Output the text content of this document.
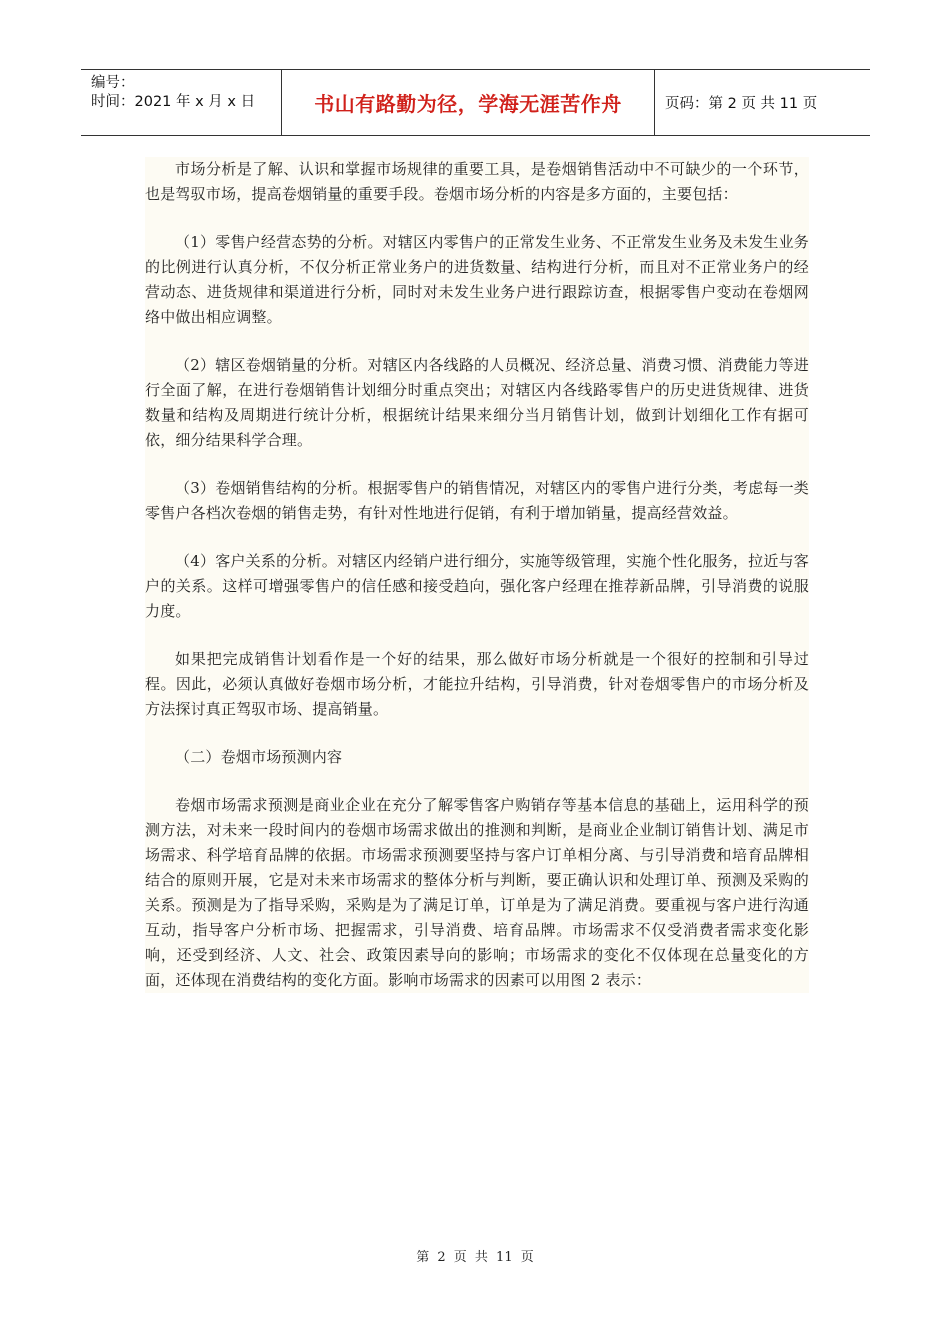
编号：
时间：2021 年 x 月 x 日	书山有路勤为径，学海无涯苦作舟	页码：第 2 页 共 11 页

市场分析是了解、认识和掌握市场规律的重要工具，是卷烟销售活动中不可缺少的一个环节，也是驾驭市场，提高卷烟销量的重要手段。卷烟市场分析的内容是多方面的，主要包括：

（1）零售户经营态势的分析。对辖区内零售户的正常发生业务、不正常发生业务及未发生业务的比例进行认真分析，不仅分析正常业务户的进货数量、结构进行分析，而且对不正常业务户的经营动态、进货规律和渠道进行分析，同时对未发生业务户进行跟踪访查，根据零售户变动在卷烟网络中做出相应调整。

（2）辖区卷烟销量的分析。对辖区内各线路的人员概况、经济总量、消费习惯、消费能力等进行全面了解，在进行卷烟销售计划细分时重点突出；对辖区内各线路零售户的历史进货规律、进货数量和结构及周期进行统计分析，根据统计结果来细分当月销售计划，做到计划细化工作有据可依，细分结果科学合理。

（3）卷烟销售结构的分析。根据零售户的销售情况，对辖区内的零售户进行分类，考虑每一类零售户各档次卷烟的销售走势，有针对性地进行促销，有利于增加销量，提高经营效益。

（4）客户关系的分析。对辖区内经销户进行细分，实施等级管理，实施个性化服务，拉近与客户的关系。这样可增强零售户的信任感和接受趋向，强化客户经理在推荐新品牌，引导消费的说服力度。

如果把完成销售计划看作是一个好的结果，那么做好市场分析就是一个很好的控制和引导过程。因此，必须认真做好卷烟市场分析，才能拉升结构，引导消费，针对卷烟零售户的市场分析及方法探讨真正驾驭市场、提高销量。

（二）卷烟市场预测内容

卷烟市场需求预测是商业企业在充分了解零售客户购销存等基本信息的基础上，运用科学的预测方法，对未来一段时间内的卷烟市场需求做出的推测和判断，是商业企业制订销售计划、满足市场需求、科学培育品牌的依据。市场需求预测要坚持与客户订单相分离、与引导消费和培育品牌相结合的原则开展，它是对未来市场需求的整体分析与判断，要正确认识和处理订单、预测及采购的关系。预测是为了指导采购，采购是为了满足订单，订单是为了满足消费。要重视与客户进行沟通互动，指导客户分析市场、把握需求，引导消费、培育品牌。市场需求不仅受消费者需求变化影响，还受到经济、人文、社会、政策因素导向的影响；市场需求的变化不仅体现在总量变化的方面，还体现在消费结构的变化方面。影响市场需求的因素可以用图 2 表示：

第 2 页 共 11 页
